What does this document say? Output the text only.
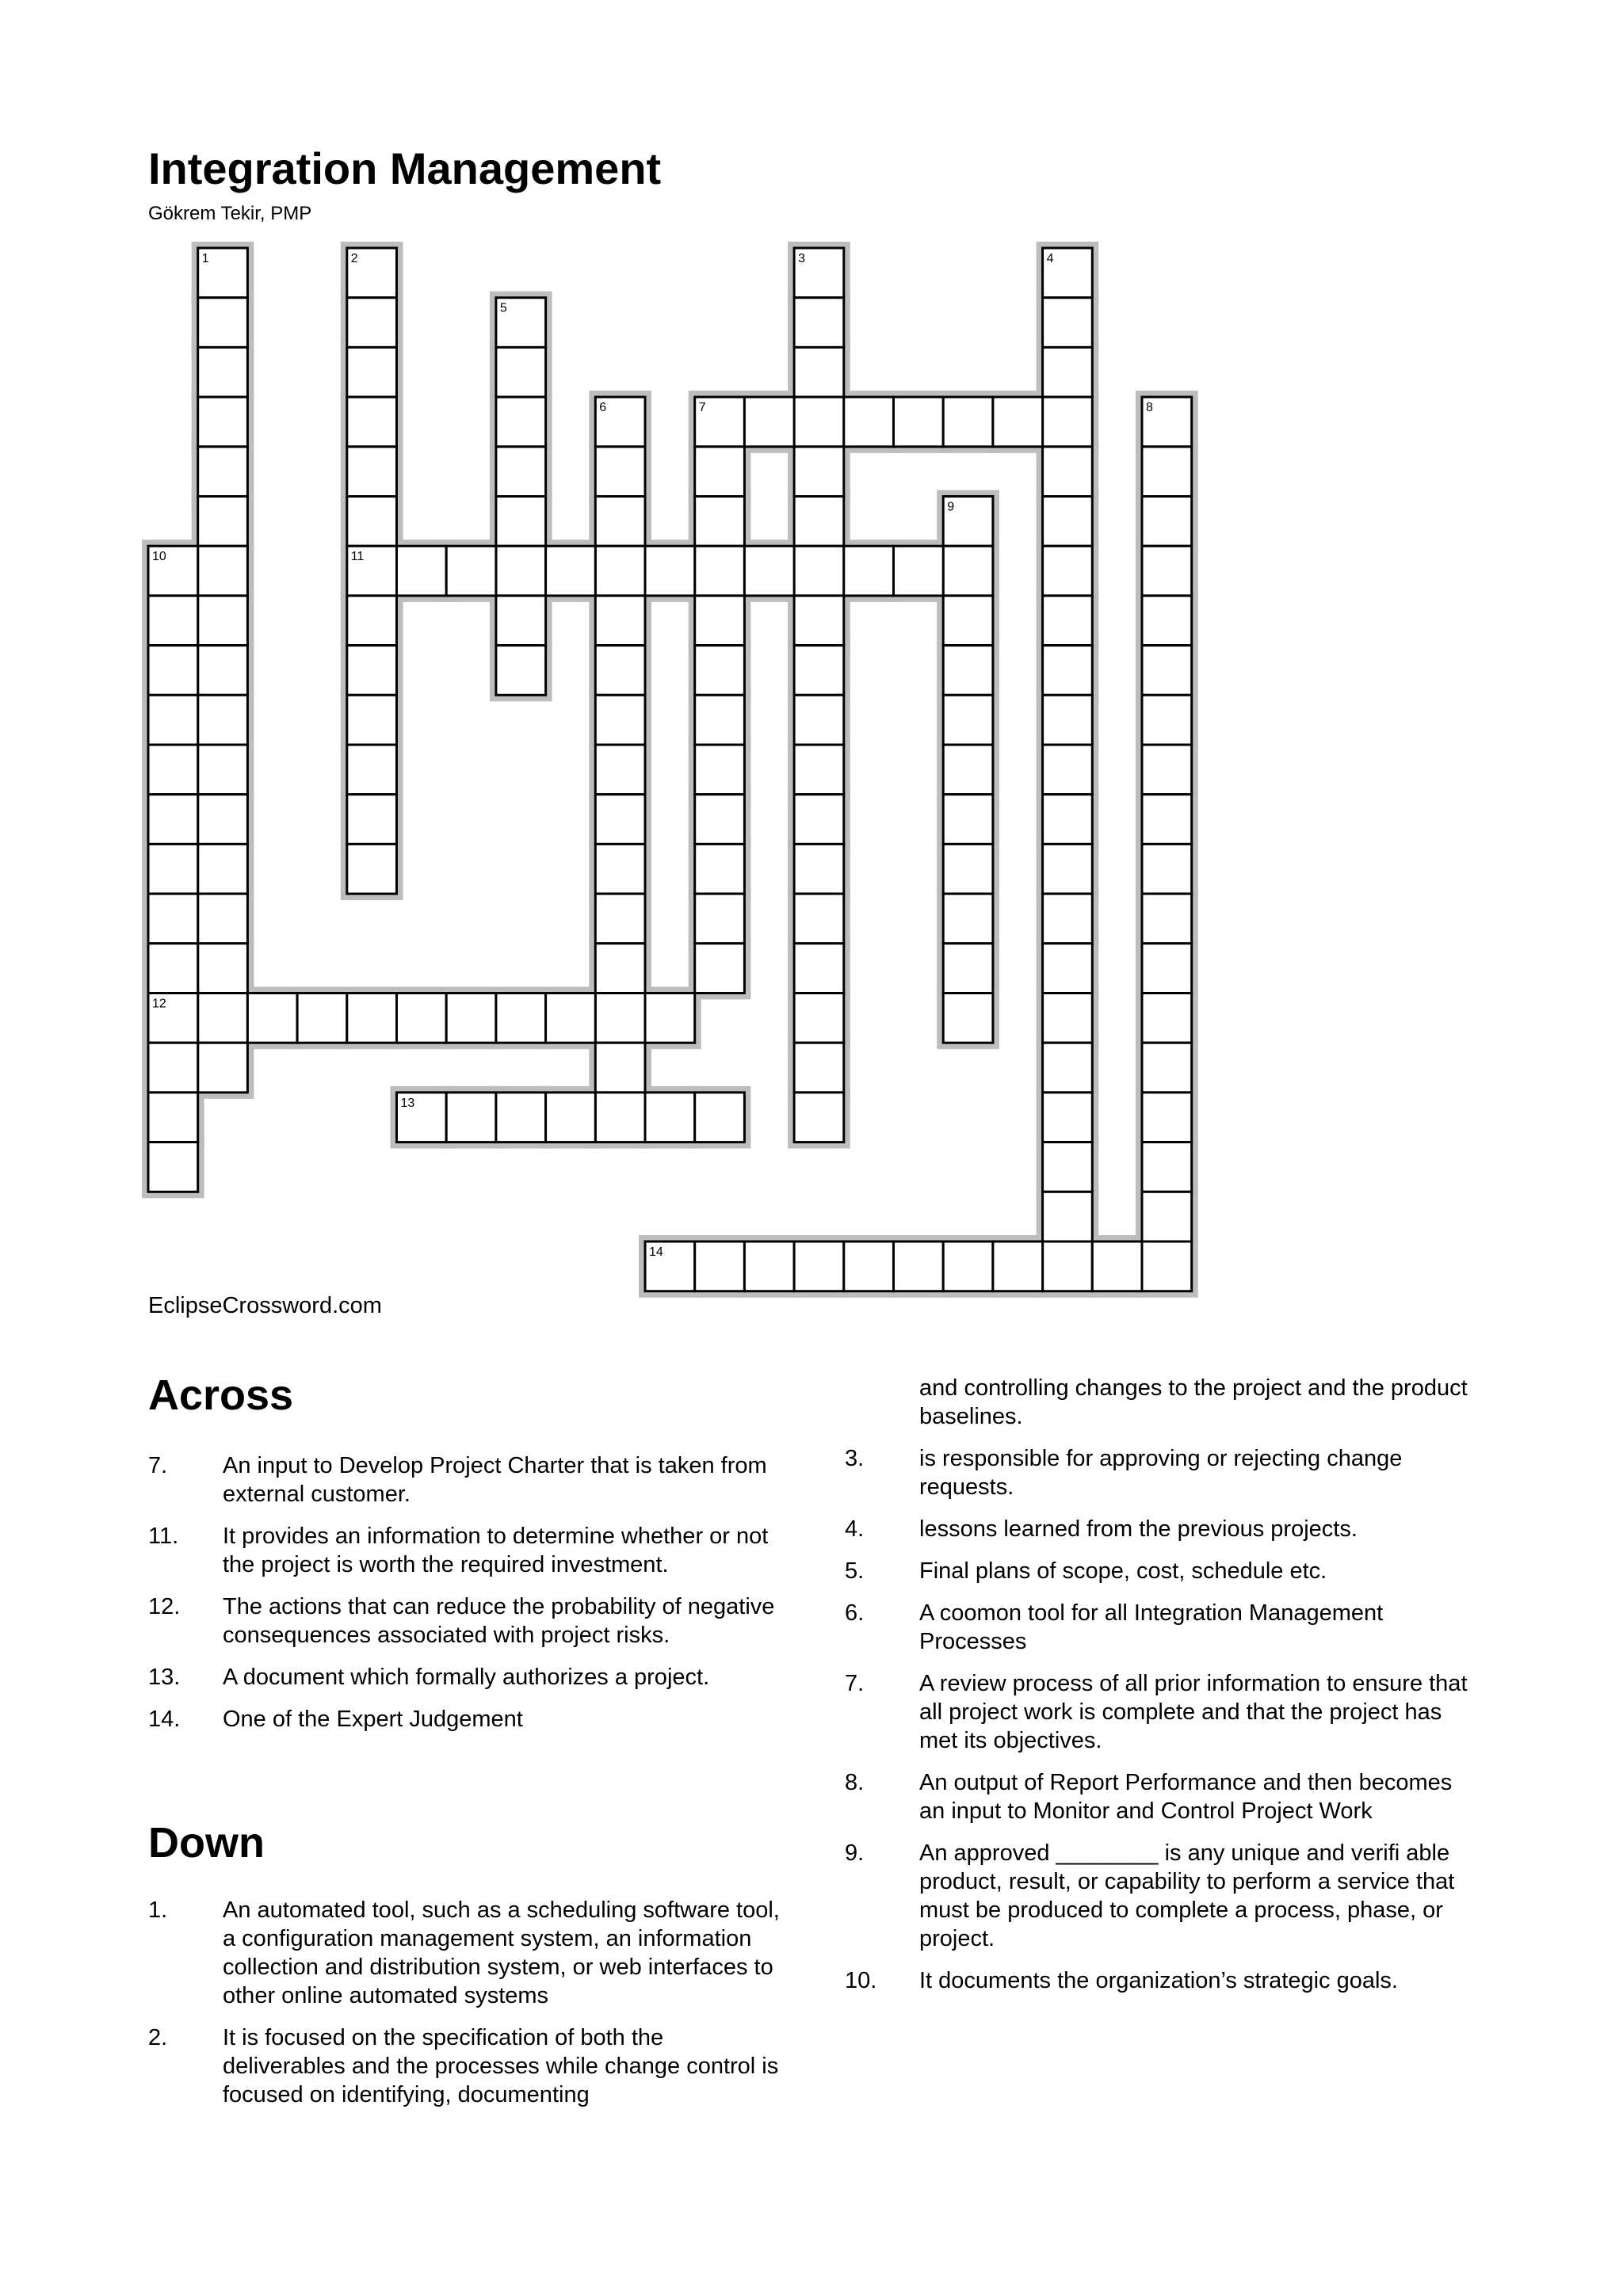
Integration Management
Gökrem Tekir, PMP
1	2	3	4
5
6	7	8
9
10	11
12
13
14
EclipseCrossword.com
Across
7. An input to Develop Project Charter that is taken from external customer.
11. It provides an information to determine whether or not the project is worth the required investment.
12. The actions that can reduce the probability of negative consequences associated with project risks.
13. A document which formally authorizes a project.
14. One of the Expert Judgement
Down
1. An automated tool, such as a scheduling software tool, a configuration management system, an information collection and distribution system, or web interfaces to other online automated systems
2. It is focused on the specification of both the deliverables and the processes while change control is focused on identifying, documenting
and controlling changes to the project and the product baselines.
3. is responsible for approving or rejecting change requests.
4. lessons learned from the previous projects.
5. Final plans of scope, cost, schedule etc.
6. A coomon tool for all Integration Management Processes
7. A review process of all prior information to ensure that all project work is complete and that the project has met its objectives.
8. An output of Report Performance and then becomes an input to Monitor and Control Project Work
9. An approved ________ is any unique and verifi able product, result, or capability to perform a service that must be produced to complete a process, phase, or project.
10. It documents the organization’s strategic goals.
